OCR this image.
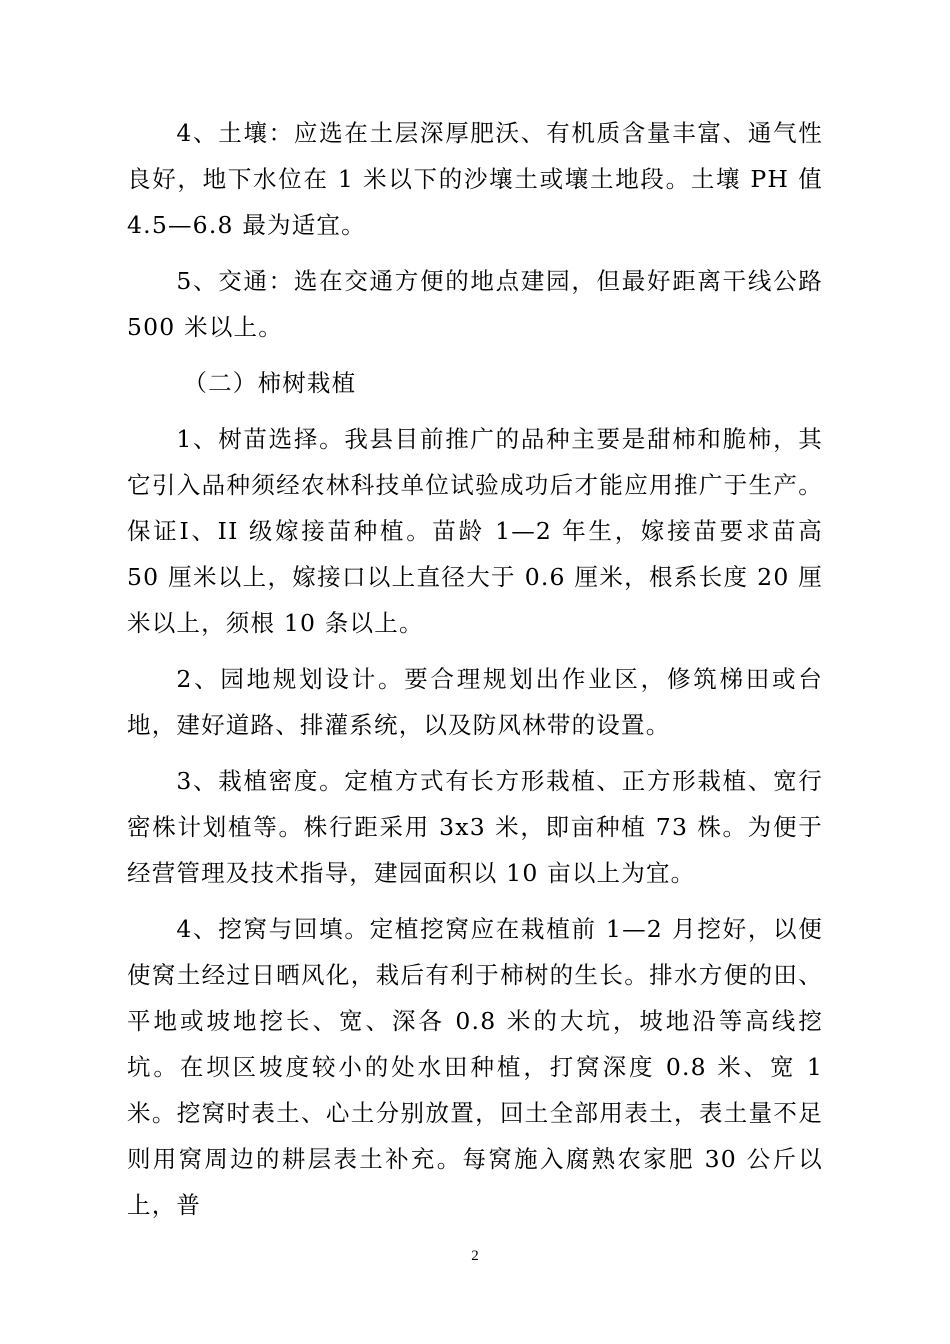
4、土壤：应选在土层深厚肥沃、有机质含量丰富、通气性良好，地下水位在 1 米以下的沙壤土或壤土地段。土壤 PH 值 4.5—6.8 最为适宜。

5、交通：选在交通方便的地点建园，但最好距离干线公路 500 米以上。

（二）柿树栽植

1、树苗选择。我县目前推广的品种主要是甜柿和脆柿，其它引入品种须经农林科技单位试验成功后才能应用推广于生产。保证Ⅰ、II 级嫁接苗种植。苗龄 1—2 年生，嫁接苗要求苗高 50 厘米以上，嫁接口以上直径大于 0.6 厘米，根系长度 20 厘米以上，须根 10 条以上。

2、园地规划设计。要合理规划出作业区，修筑梯田或台地，建好道路、排灌系统，以及防风林带的设置。

3、栽植密度。定植方式有长方形栽植、正方形栽植、宽行密株计划植等。株行距采用 3x3 米，即亩种植 73 株。为便于经营管理及技术指导，建园面积以 10 亩以上为宜。

4、挖窝与回填。定植挖窝应在栽植前 1—2 月挖好，以便使窝土经过日晒风化，栽后有利于柿树的生长。排水方便的田、平地或坡地挖长、宽、深各 0.8 米的大坑，坡地沿等高线挖坑。在坝区坡度较小的处水田种植，打窝深度 0.8 米、宽 1 米。挖窝时表土、心土分别放置，回土全部用表土，表土量不足则用窝周边的耕层表土补充。每窝施入腐熟农家肥 30 公斤以上，普

2
